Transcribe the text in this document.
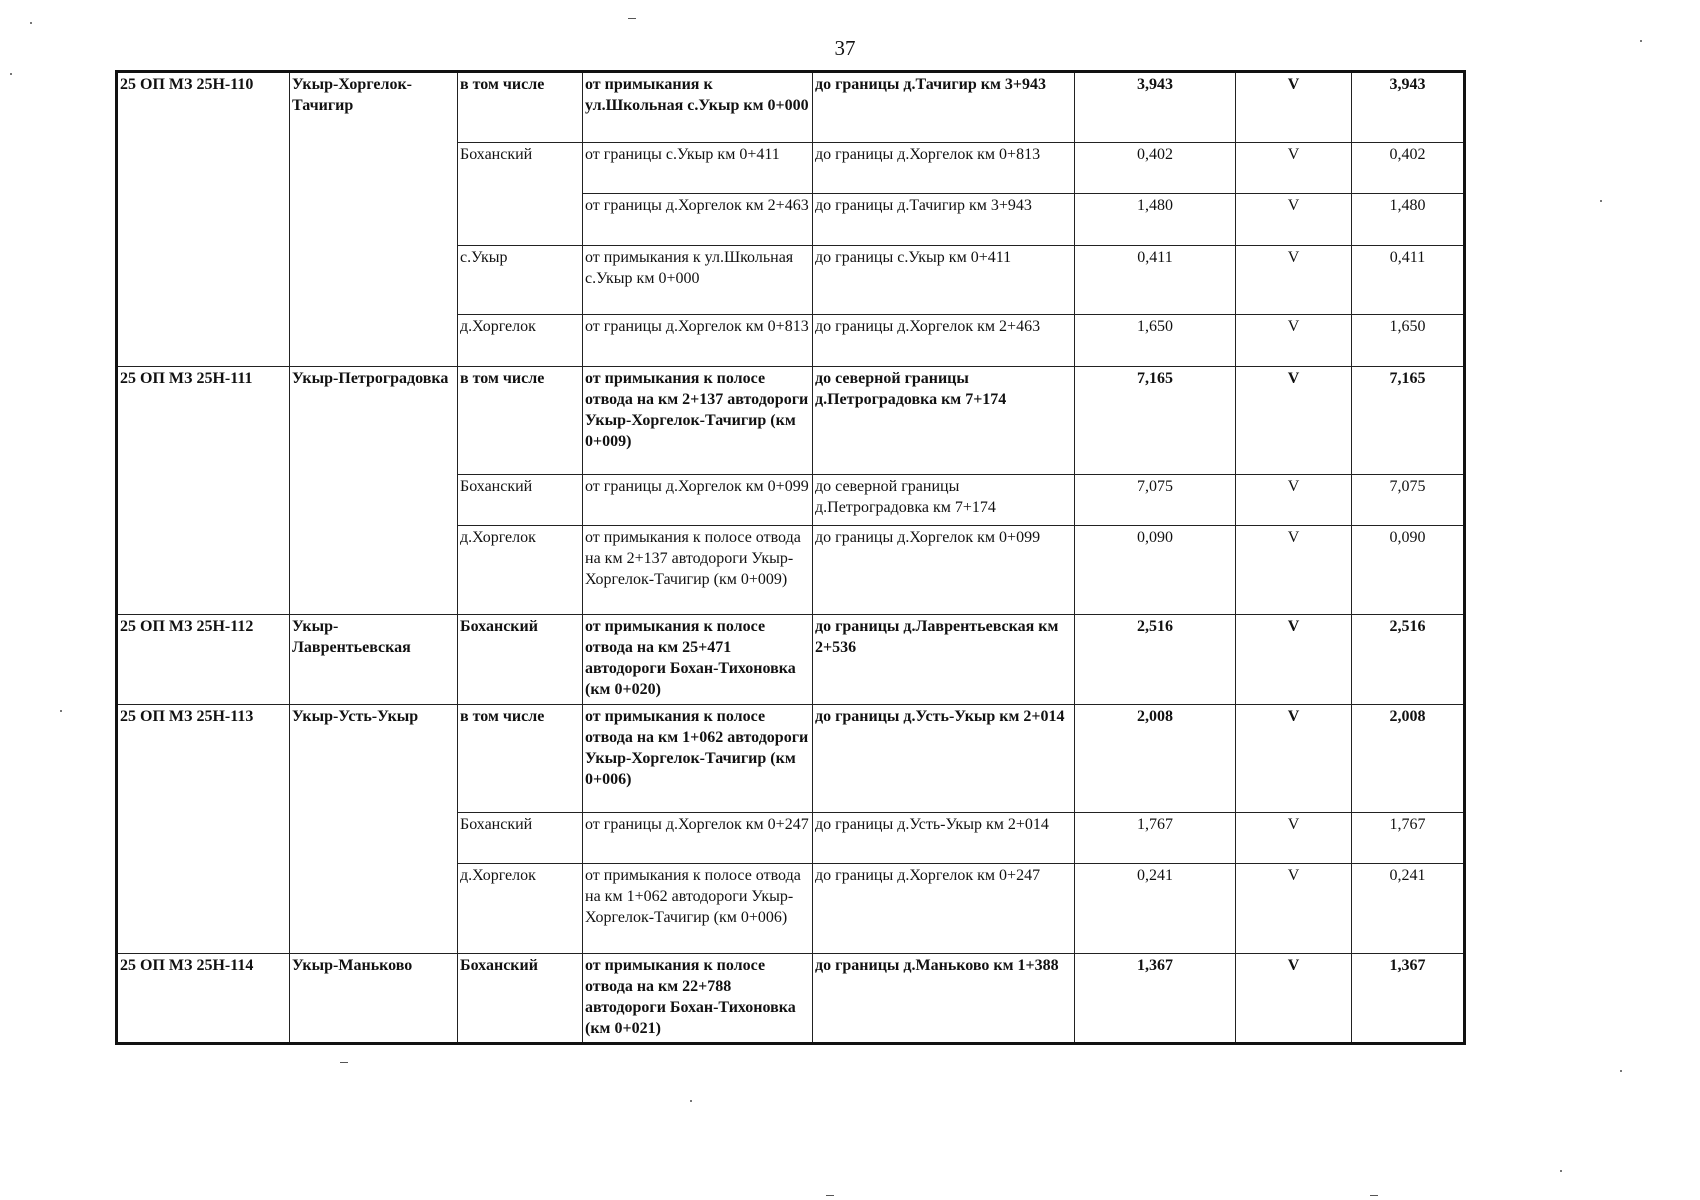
37
25 ОП МЗ 25Н-110	Укыр-Хоргелок-Тачигир	в том числе	от примыкания к ул.Школьная с.Укыр км 0+000	до границы д.Тачигир км 3+943	3,943	V	3,943
		Боханский	от границы с.Укыр км 0+411	до границы д.Хоргелок км 0+813	0,402	V	0,402
			от границы д.Хоргелок км 2+463	до границы д.Тачигир км 3+943	1,480	V	1,480
		с.Укыр	от примыкания к ул.Школьная с.Укыр км 0+000	до границы с.Укыр км 0+411	0,411	V	0,411
		д.Хоргелок	от границы д.Хоргелок км 0+813	до границы д.Хоргелок км 2+463	1,650	V	1,650
25 ОП МЗ 25Н-111	Укыр-Петроградовка	в том числе	от примыкания к полосе отвода на км 2+137 автодороги Укыр-Хоргелок-Тачигир (км 0+009)	до северной границы д.Петроградовка км 7+174	7,165	V	7,165
		Боханский	от границы д.Хоргелок км 0+099	до северной границы д.Петроградовка км 7+174	7,075	V	7,075
		д.Хоргелок	от примыкания к полосе отвода на км 2+137 автодороги Укыр-Хоргелок-Тачигир (км 0+009)	до границы д.Хоргелок км 0+099	0,090	V	0,090
25 ОП МЗ 25Н-112	Укыр-Лаврентьевская	Боханский	от примыкания к полосе отвода на км 25+471 автодороги Бохан-Тихоновка (км 0+020)	до границы д.Лаврентьевская км 2+536	2,516	V	2,516
25 ОП МЗ 25Н-113	Укыр-Усть-Укыр	в том числе	от примыкания к полосе отвода на км 1+062 автодороги Укыр-Хоргелок-Тачигир (км 0+006)	до границы д.Усть-Укыр км 2+014	2,008	V	2,008
		Боханский	от границы д.Хоргелок км 0+247	до границы д.Усть-Укыр км 2+014	1,767	V	1,767
		д.Хоргелок	от примыкания к полосе отвода на км 1+062 автодороги Укыр-Хоргелок-Тачигир (км 0+006)	до границы д.Хоргелок км 0+247	0,241	V	0,241
25 ОП МЗ 25Н-114	Укыр-Маньково	Боханский	от примыкания к полосе отвода на км 22+788 автодороги Бохан-Тихоновка (км 0+021)	до границы д.Маньково км 1+388	1,367	V	1,367
